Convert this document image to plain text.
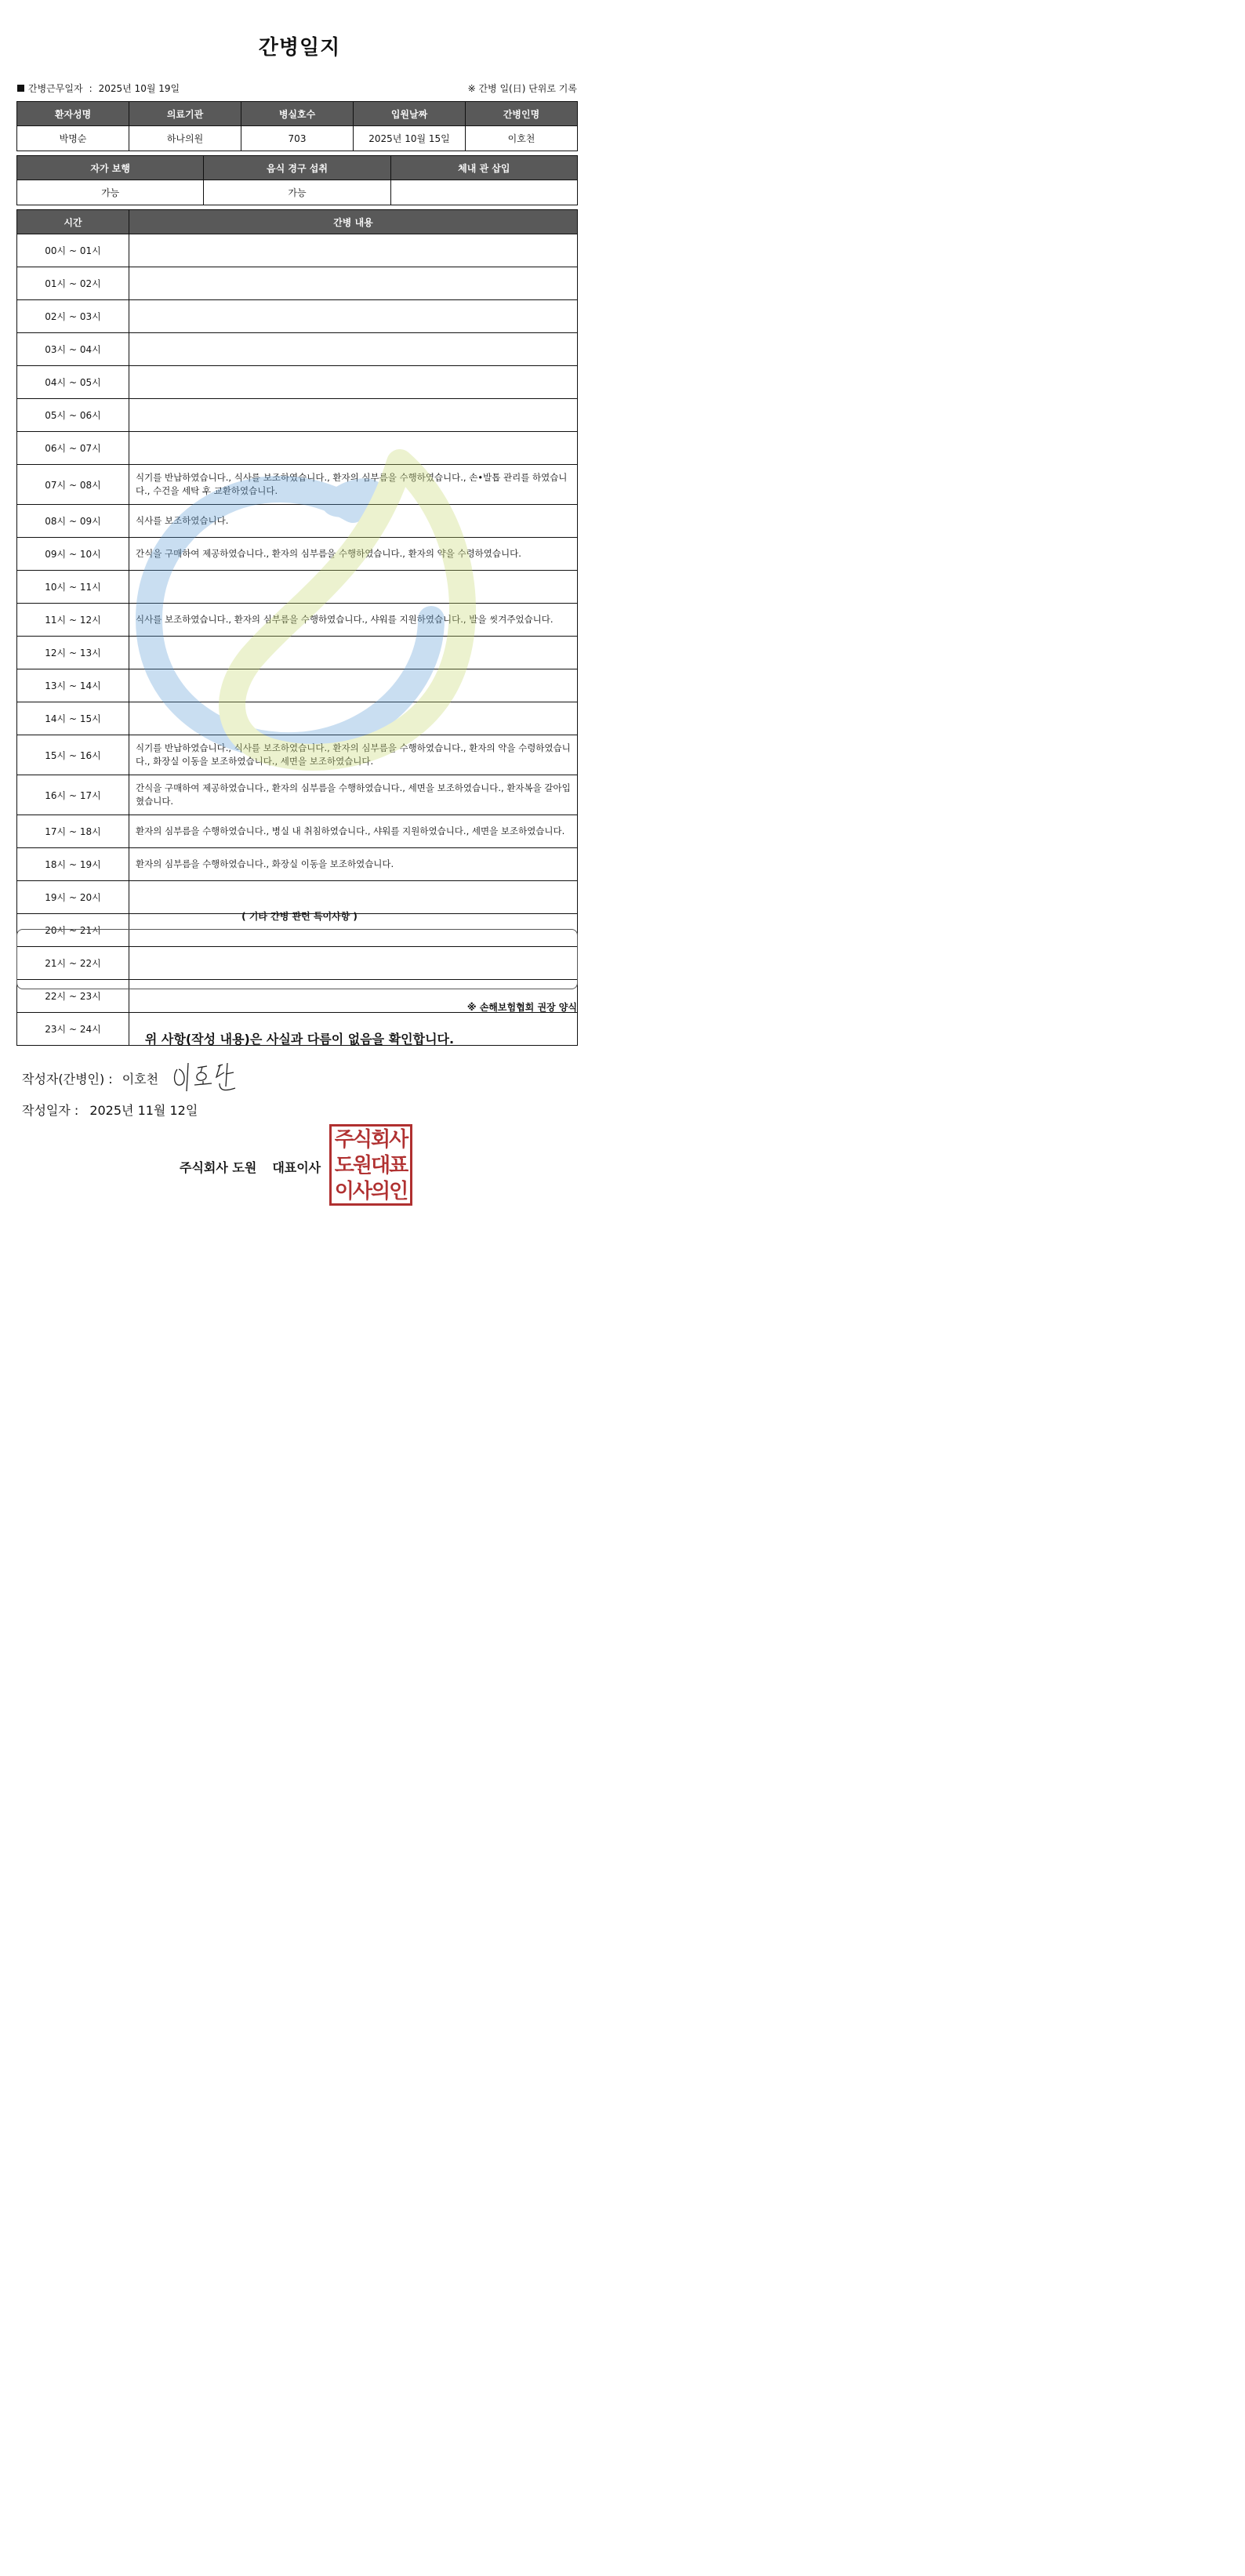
간병일지
간병근무일자 : 2025년 10월 19일	※ 간병 일(日) 단위로 기록
환자성명	의료기관	병실호수	입원날짜	간병인명
박명순	하나의원	703	2025년 10월 15일	이호천
자가 보행	음식 경구 섭취	체내 관 삽입
가능	가능	
시간	간병 내용
00시 ~ 01시	
01시 ~ 02시	
02시 ~ 03시	
03시 ~ 04시	
04시 ~ 05시	
05시 ~ 06시	
06시 ~ 07시	
07시 ~ 08시	식기를 반납하였습니다., 식사를 보조하였습니다., 환자의 심부름을 수행하였습니다., 손•발톱 관리를 하였습니다., 수건을 세탁 후 교환하였습니다.
08시 ~ 09시	식사를 보조하였습니다.
09시 ~ 10시	간식을 구매하여 제공하였습니다., 환자의 심부름을 수행하였습니다., 환자의 약을 수령하였습니다.
10시 ~ 11시	
11시 ~ 12시	식사를 보조하였습니다., 환자의 심부름을 수행하였습니다., 샤워를 지원하였습니다., 발을 씻겨주었습니다.
12시 ~ 13시	
13시 ~ 14시	
14시 ~ 15시	
15시 ~ 16시	식기를 반납하였습니다., 식사를 보조하였습니다., 환자의 심부름을 수행하였습니다., 환자의 약을 수령하였습니다., 화장실 이동을 보조하였습니다., 세면을 보조하였습니다.
16시 ~ 17시	간식을 구매하여 제공하였습니다., 환자의 심부름을 수행하였습니다., 세면을 보조하였습니다., 환자복을 갈아입혔습니다.
17시 ~ 18시	환자의 심부름을 수행하였습니다., 병실 내 취침하였습니다., 샤워를 지원하였습니다., 세면을 보조하였습니다.
18시 ~ 19시	환자의 심부름을 수행하였습니다., 화장실 이동을 보조하였습니다.
19시 ~ 20시	
20시 ~ 21시	
21시 ~ 22시	
22시 ~ 23시	
23시 ~ 24시	
( 기타 간병 관련 특이사항 )
※ 손해보험협회 권장 양식
위 사항(작성 내용)은 사실과 다름이 없음을 확인합니다.
작성자(간병인) : 이호천
작성일자 : 2025년 11월 12일
주식회사 도원 대표이사
주식회사
도원대표
이사의인
